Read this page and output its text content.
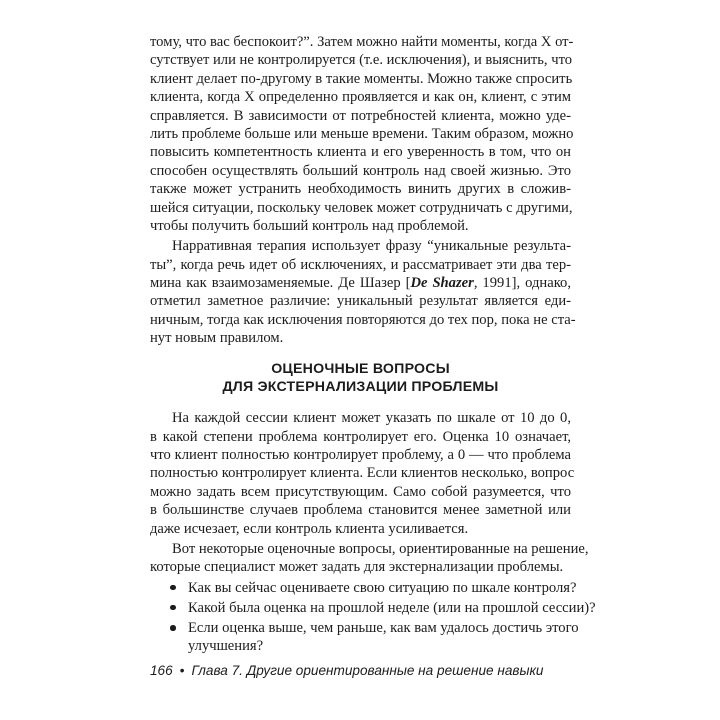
тому, что вас беспокоит?”. Затем можно найти моменты, когда X от-
сутствует или не контролируется (т.е. исключения), и выяснить, что
клиент делает по-другому в такие моменты. Можно также спросить
клиента, когда X определенно проявляется и как он, клиент, с этим
справляется. В зависимости от потребностей клиента, можно уде-
лить проблеме больше или меньше времени. Таким образом, можно
повысить компетентность клиента и его уверенность в том, что он
способен осуществлять больший контроль над своей жизнью. Это
также может устранить необходимость винить других в сложив-
шейся ситуации, поскольку человек может сотрудничать с другими,
чтобы получить больший контроль над проблемой.
Нарративная терапия использует фразу “уникальные результа-
ты”, когда речь идет об исключениях, и рассматривает эти два тер-
мина как взаимозаменяемые. Де Шазер [De Shazer, 1991], однако,
отметил заметное различие: уникальный результат является еди-
ничным, тогда как исключения повторяются до тех пор, пока не ста-
нут новым правилом.
ОЦЕНОЧНЫЕ ВОПРОСЫ
ДЛЯ ЭКСТЕРНАЛИЗАЦИИ ПРОБЛЕМЫ
На каждой сессии клиент может указать по шкале от 10 до 0,
в какой степени проблема контролирует его. Оценка 10 означает,
что клиент полностью контролирует проблему, а 0 — что проблема
полностью контролирует клиента. Если клиентов несколько, вопрос
можно задать всем присутствующим. Само собой разумеется, что
в большинстве случаев проблема становится менее заметной или
даже исчезает, если контроль клиента усиливается.
Вот некоторые оценочные вопросы, ориентированные на решение,
которые специалист может задать для экстернализации проблемы.
Как вы сейчас оцениваете свою ситуацию по шкале контроля?
Какой была оценка на прошлой неделе (или на прошлой сессии)?
Если оценка выше, чем раньше, как вам удалось достичь этого
улучшения?
166 • Глава 7. Другие ориентированные на решение навыки
